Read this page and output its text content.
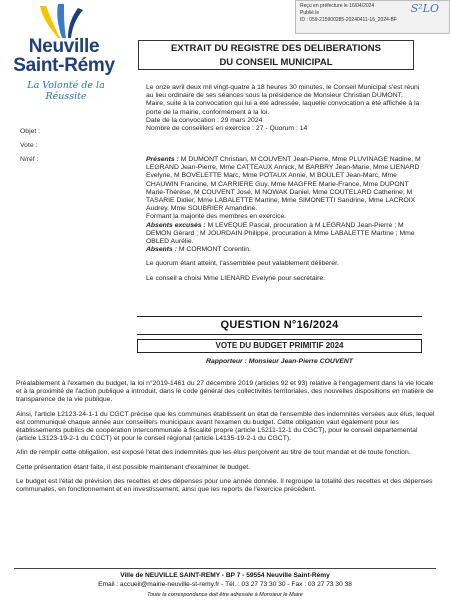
Neuville
Saint-Rémy
La Volonté de la Réussite
Reçu en préfecture le 16/04/2024
Publié le
ID : 059-215900285-20240411-16_2024-BF
S²LO
EXTRAIT DU REGISTRE DES DELIBERATIONS
DU CONSEIL MUNICIPAL
Objet :
Vote :
N/réf :
Le onze avril deux mil vingt-quatre à 18 heures 30 minutes, le Conseil Municipal s'est réuni au lieu ordinaire de ses séances sous la présidence de Monsieur Christian DUMONT, Maire, suite à la convocation qui lui a été adressée, laquelle convocation a été affichée à la porte de la mairie, conformément à la loi.
Date de la convocation : 29 mars 2024
Nombre de conseillers en exercice : 27 - Quorum : 14
Présents : M DUMONT Christian, M COUVENT Jean-Pierre, Mme PLUVINAGE Nadine, M LEGRAND Jean-Pierre, Mme CATTEAUX Annick, M BARBRY Jean-Marie, Mme LIENARD Evelyne, M BOVELETTE Marc, Mme POTAUX Annie, M BOULET Jean-Marc, Mme CHAUWIN Francine, M CARRIERE Guy, Mme MAGFRE Marie-France, Mme DUPONT Marie-Thérèse, M COUVENT José, M NOWAK Daniel, Mme COUTELARD Catherine, M TASARIE Didier, Mme LABALETTE Martine, Mme SIMONETTI Sandrine, Mme LACROIX Audrey, Mme SOUBRIER Amandine.
Formant la majorité des membres en exercice.
Absents excusés : M LEVEQUE Pascal, procuration à M LEGRAND Jean-Pierre ; M DEMON Gérard ; M JOURDAIN Philippe, procuration à Mme LABALETTE Martine ; Mme OBLED Aurélie.
Absents : M CORMONT Corentin.
Le quorum étant atteint, l'assemblée peut valablement délibérer.
Le conseil a choisi Mme LIENARD Evelyne pour secrétaire.
QUESTION N°16/2024
VOTE DU BUDGET PRIMITIF 2024
Rapporteur : Monsieur Jean-Pierre COUVENT
Préalablement à l'examen du budget, la loi n°2019-1461 du 27 décembre 2019 (articles 92 et 93) relative à l'engagement dans la vie locale et à la proximité de l'action publique a introduit, dans le code général des collectivités territoriales, des nouvelles dispositions en matière de transparence de la vie publique.
Ainsi, l'article L2123-24-1-1 du CGCT précise que les communes établissent un état de l'ensemble des indemnités versées aux élus, lequel est communiqué chaque année aux conseillers municipaux avant l'examen du budget. Cette obligation vaut également pour les établissements publics de coopération intercommunale à fiscalité propre (article L5211-12-1 du CGCT), pour le conseil départemental (article L3123-19-2-1 du CGCT) et pour le conseil régional (article L4135-19-2-1 du CGCT).
Afin de remplir cette obligation, est exposé l'état des indemnités que les élus perçoivent au titre de tout mandat et de toute fonction.
Cette présentation étant faite, il est possible maintenant d'examiner le budget.
Le budget est l'état de prévision des recettes et des dépenses pour une année donnée. Il regroupe la totalité des recettes et des dépenses communales, en fonctionnement et en investissement, ainsi que les reports de l'exercice précédent.
Ville de NEUVILLE SAINT-REMY - BP 7 - 59554 Neuville Saint-Rémy
Email : accueil@mairie-neuville-st-remy.fr - Tél. : 03 27 73 30 30 - Fax : 03 27 73 30 38
Toute la correspondance doit être adressée à Monsieur le Maire
